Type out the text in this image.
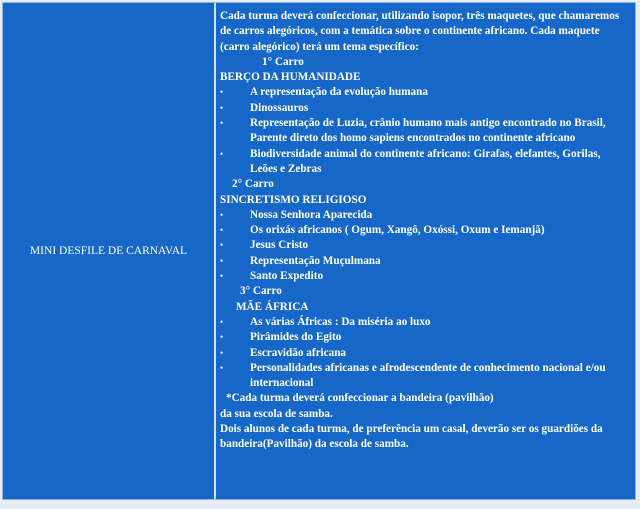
MINI DESFILE DE CARNAVAL

Cada turma deverá confeccionar, utilizando isopor, três maquetes, que chamaremos de carros alegóricos, com a temática sobre o continente africano. Cada maquete (carro alegórico) terá um tema específico:

1° Carro

BERÇO DA HUMANIDADE

•	A representação da evolução humana
•	Dinossauros
•	Representação de Luzia, crânio humano mais antigo encontrado no Brasil, Parente direto dos homo sapiens encontrados no continente africano
•	Biodiversidade animal do continente africano: Girafas, elefantes, Gorilas, Leões e Zebras

2° Carro

SINCRETISMO RELIGIOSO

•	Nossa Senhora Aparecida
•	Os orixás africanos ( Ogum, Xangô, Oxóssi, Oxum e Iemanjã)
•	Jesus Cristo
•	Representação Muçulmana
•	Santo Expedito

3° Carro

MÃE ÁFRICA

•	As várias Áfricas : Da miséria ao luxo
•	Pirâmides do Egito
•	Escravidão africana
•	Personalidades africanas e afrodescendente de conhecimento nacional e/ou internacional

*Cada turma deverá confeccionar a bandeira (pavilhão)

da sua escola de samba.

Dois alunos de cada turma, de preferência um casal, deverão ser os guardiões da bandeira(Pavilhão) da escola de samba.
